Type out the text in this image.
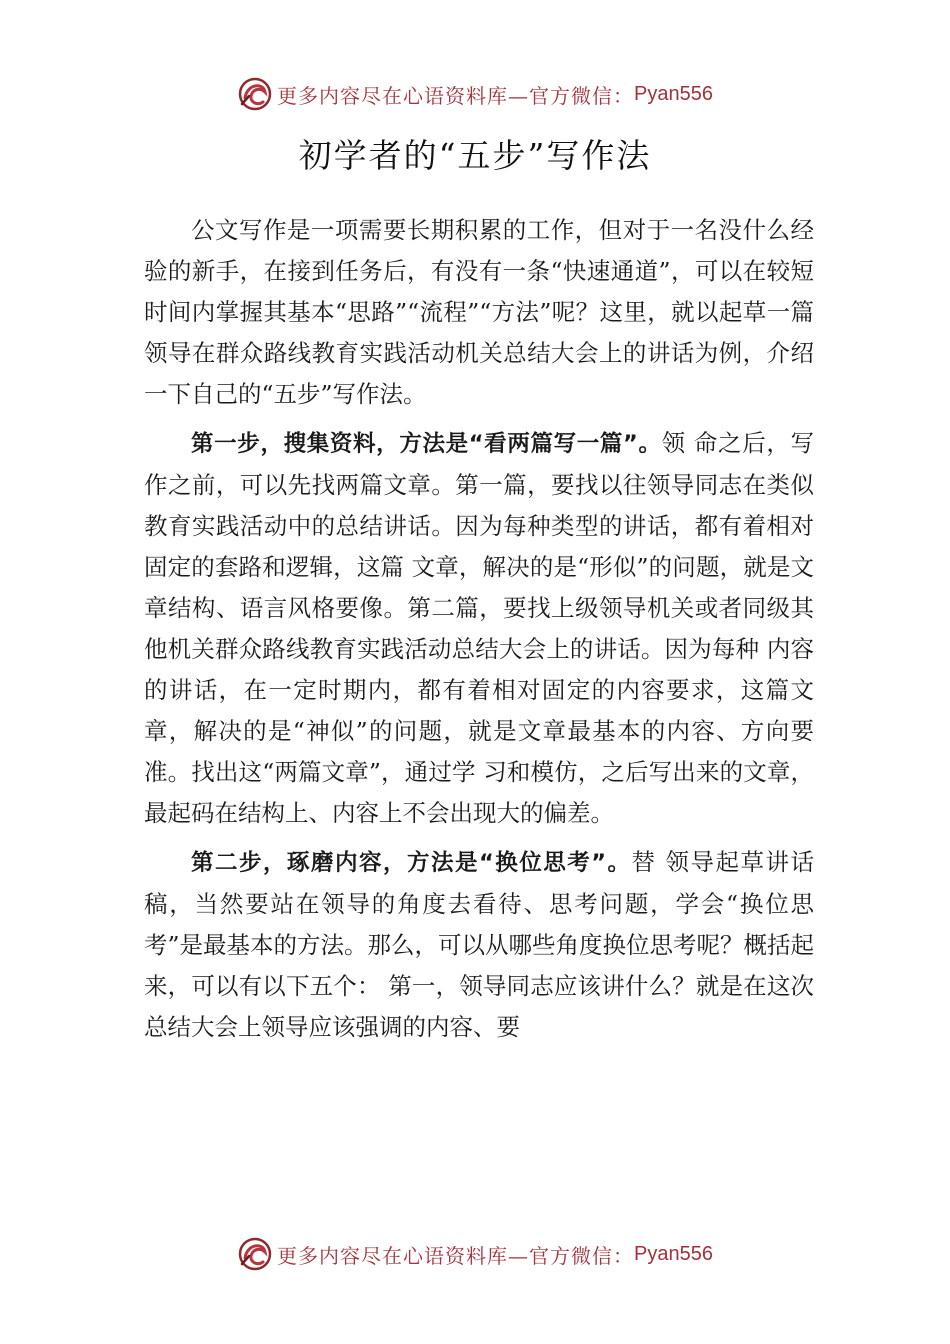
更多内容尽在心语资料库—官方微信： Pyan556
初学者的“五步”写作法

公文写作是一项需要长期积累的工作，但对于一名没什么经验的新手，在接到任务后，有没有一条“快速通道”，可以在较短时间内掌握其基本“思路”“流程”“方法”呢？这里，就以起草一篇领导在群众路线教育实践活动机关总结大会上的讲话为例，介绍一下自己的“五步”写作法。

第一步，搜集资料，方法是“看两篇写一篇”。领 命之后，写作之前，可以先找两篇文章。第一篇，要找以往领导同志在类似教育实践活动中的总结讲话。因为每种类型的讲话，都有着相对固定的套路和逻辑，这篇 文章，解决的是“形似”的问题，就是文章结构、语言风格要像。第二篇，要找上级领导机关或者同级其他机关群众路线教育实践活动总结大会上的讲话。因为每种 内容的讲话，在一定时期内，都有着相对固定的内容要求，这篇文章，解决的是“神似”的问题，就是文章最基本的内容、方向要准。找出这“两篇文章”，通过学 习和模仿，之后写出来的文章，最起码在结构上、内容上不会出现大的偏差。

第二步，琢磨内容，方法是“换位思考”。替 领导起草讲话稿，当然要站在领导的角度去看待、思考问题，学会“换位思考”是最基本的方法。那么，可以从哪些角度换位思考呢？概括起来，可以有以下五个： 第一，领导同志应该讲什么？就是在这次总结大会上领导应该强调的内容、要

更多内容尽在心语资料库—官方微信： Pyan556
